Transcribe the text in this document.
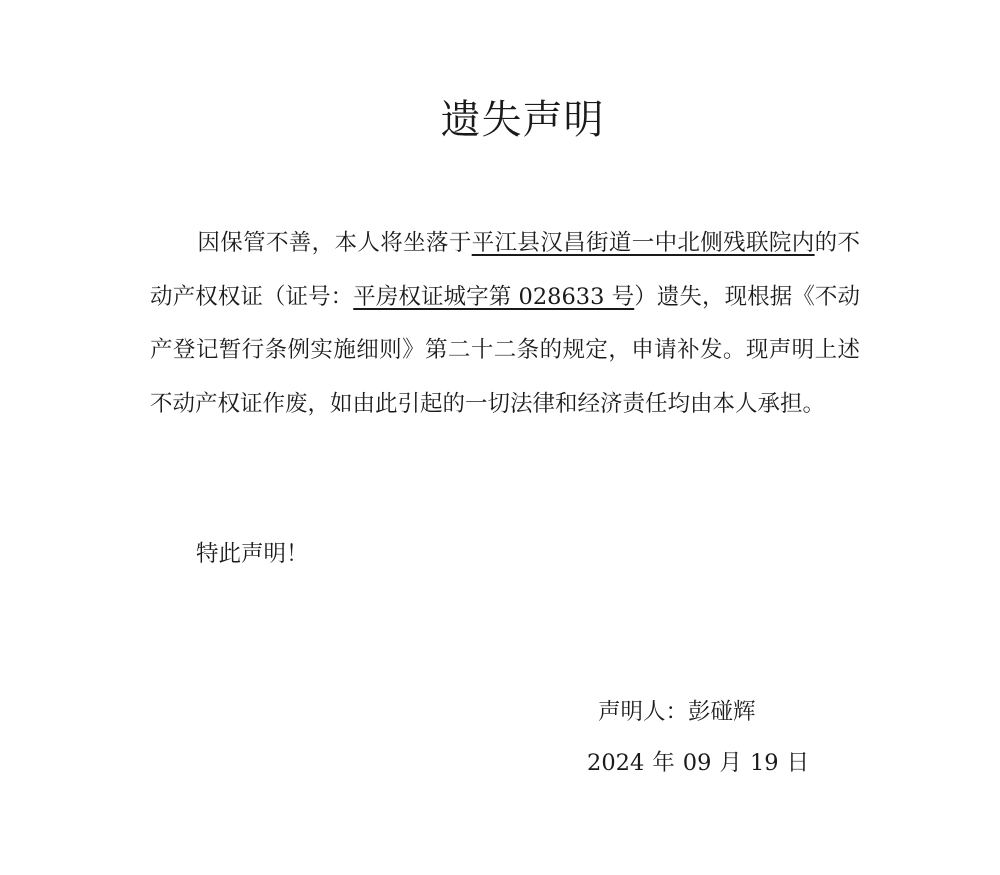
遗失声明

因保管不善，本人将坐落于平江县汉昌街道一中北侧残联院内的不动产权权证（证号：平房权证城字第 028633 号）遗失，现根据《不动产登记暂行条例实施细则》第二十二条的规定，申请补发。现声明上述不动产权证作废，如由此引起的一切法律和经济责任均由本人承担。

特此声明！
声明人：彭碰辉
2024 年 09 月 19 日
